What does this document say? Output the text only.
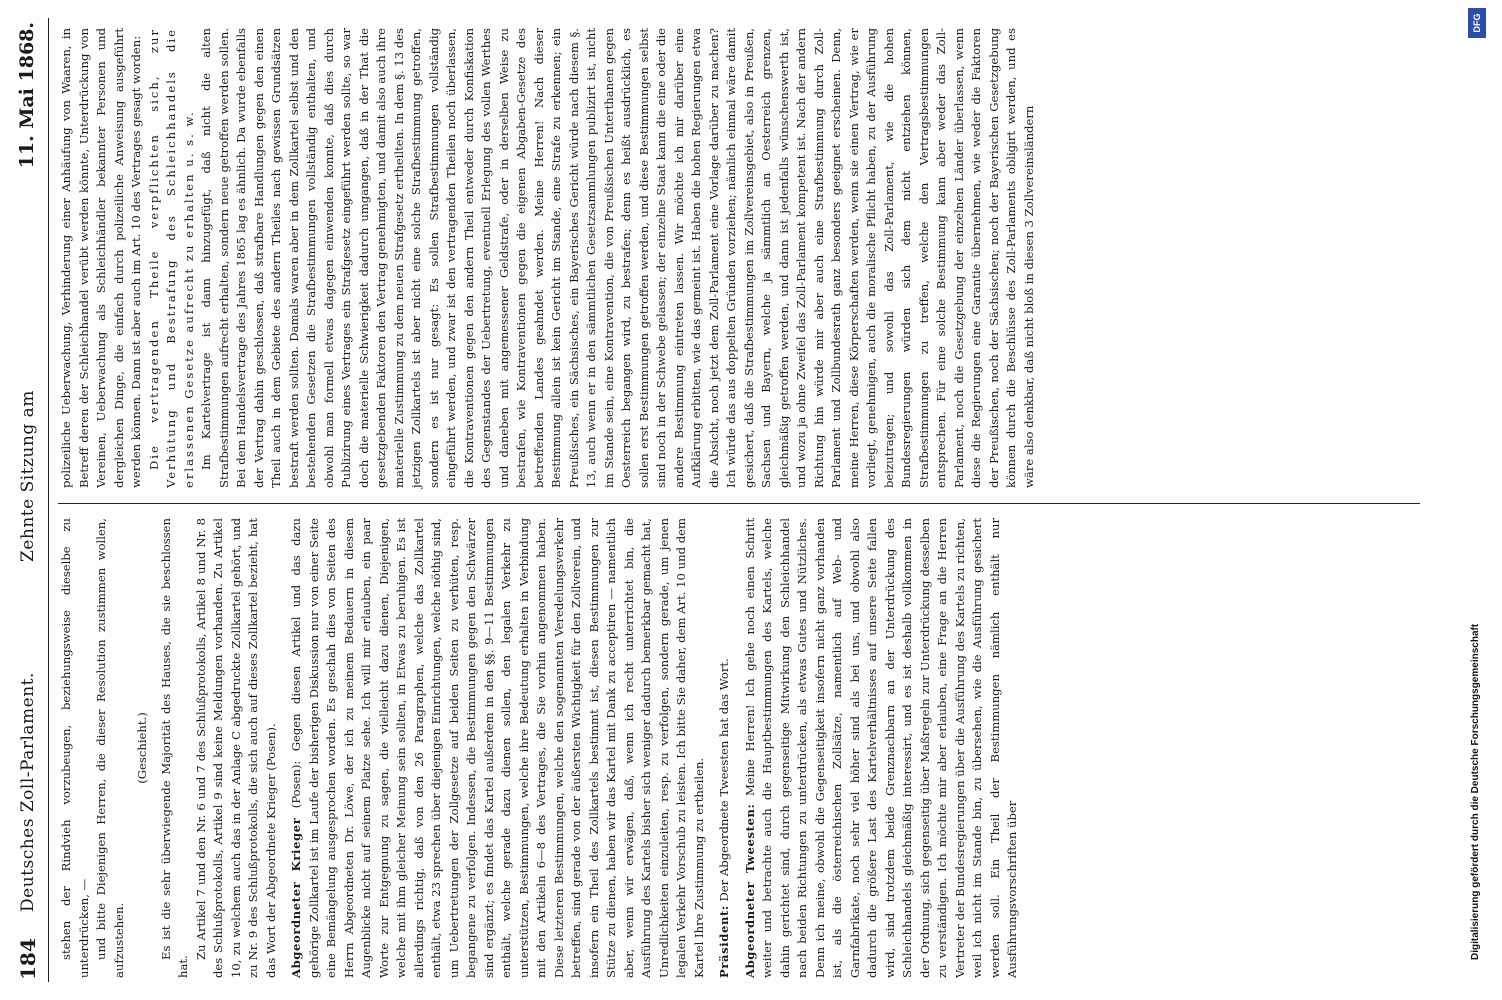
184
Deutsches Zoll-Parlament.
Zehnte Sitzung am
11. Mai 1868.

stehen der Rindvieh vorzubeugen, beziehungsweise dieselbe zu unterdrücken, — und bitte Diejenigen Herren, die dieser Resolution zustimmen wollen, aufzustehen.

(Geschieht.) Es ist die sehr überwiegende Majorität des Hauses, die sie beschlossen hat.

Zu Artikel 7 und den Nr. 6 und 7 des Schlußprotokolls, Artikel 8 und Nr. 8 des Schlußprotokolls, Artikel 9 sind keine Meldungen vorhanden. Zu Artikel 10, zu welchem auch das in der Anlage C abgedruckte Zollkartel gehört, und zu Nr. 9 des Schlußprotokolls, die sich auch auf dieses Zollkartel bezieht, hat das Wort der Abgeordnete Krieger (Posen). Abgeordneter Krieger (Posen): Gegen diesen Artikel und das dazu gehörige Zollkartel ist im Laufe der bisherigen Diskussion nur von einer Seite eine Bemängelung ausgesprochen worden. Es geschah dies von Seiten des Herrn Abgeordneten Dr. Löwe, der ich zu meinem Bedauern in diesem Augenblicke nicht auf seinem Platze sehe. Ich will mir erlauben, ein paar Worte zur Entgegnung zu sagen, die vielleicht dazu dienen, Diejenigen, welche mit ihm gleicher Meinung sein sollten, in Etwas zu beruhigen. Es ist allerdings richtig, daß von den 26 Paragraphen, welche das Zollkartel enthält, etwa 23 sprechen über diejenigen Einrichtungen, welche nöthig sind, um Uebertretungen der Zollgesetze auf beiden Seiten zu verhüten, resp. begangene zu verfolgen. Indessen, die Bestimmungen gegen den Schwärzer sind ergänzt; es findet das Kartel außerdem in den §§. 9—11 Bestimmungen enthält, welche gerade dazu dienen sollen, den legalen Verkehr zu unterstützen, Bestimmungen, welche ihre Bedeutung erhalten in Verbindung mit den Artikeln 6—8 des Vertrages, die Sie vorhin angenommen haben. Diese letzteren Bestimmungen, welche den sogenannten Veredelungsverkehr betreffen, sind gerade von der äußersten Wichtigkeit für den Zollverein, und insofern ein Theil des Zollkartels bestimmt ist, diesen Bestimmungen zur Stütze zu dienen, haben wir das Kartel mit Dank zu acceptiren — namentlich aber, wenn wir erwägen, daß, wenn ich recht unterrichtet bin, die Ausführung des Kartels bisher sich weniger dadurch bemerkbar gemacht hat, Unredlichkeiten einzuleiten, resp. zu verfolgen, sondern gerade, um jenen legalen Verkehr Vorschub zu leisten. Ich bitte Sie daher, dem Art. 10 und dem Kartel Ihre Zustimmung zu ertheilen. Präsident: Der Abgeordnete Tweesten hat das Wort. Abgeordneter Tweesten: Meine Herren! Ich gehe noch einen Schritt weiter und betrachte auch die Hauptbestimmungen des Kartels, welche dahin gerichtet sind, durch gegenseitige Mitwirkung den Schleichhandel nach beiden Richtungen zu unterdrücken, als etwas Gutes und Nützliches. Denn ich meine, obwohl die Gegenseitigkeit insofern nicht ganz vorhanden ist, als die österreichischen Zollsätze, namentlich auf Web- und Garnfabrikate, noch sehr viel höher sind als bei uns, und obwohl also dadurch die größere Last des Kartelverhältnisses auf unsere Seite fallen wird, sind trotzdem beide Grenznachbarn an der Unterdrückung des Schleichhandels gleichmäßig interessirt, und es ist deshalb vollkommen in der Ordnung, sich gegenseitig über Maßregeln zur Unterdrückung desselben zu verständigen. Ich möchte mir aber erlauben, eine Frage an die Herren Vertreter der Bundesregierungen über die Ausführung des Kartels zu richten, weil ich nicht im Stande bin, zu übersehen, wie die Ausführung gesichert werden soll. Ein Theil der Bestimmungen nämlich enthält nur Ausführungsvorschriften über

polizeiliche Ueberwachung, Verhinderung einer Anhäufung von Waaren, in Betreff deren der Schleichhandel verübt werden könnte, Unterdrückung von Vereinen, Ueberwachung als Schleichhändler bekannter Personen und dergleichen Dinge, die einfach durch polizeiliche Anweisung ausgeführt werden können. Dann ist aber auch im Art. 10 des Vertrages gesagt worden: Die vertragenden Theile verpflichten sich, zur Verhütung und Bestrafung des Schleichhandels die erlassenen Gesetze aufrecht zu erhalten u. s. w. Im Kartelvertrage ist dann hinzugefügt, daß nicht die alten Strafbestimmungen aufrecht erhalten, sondern neue getroffen werden sollen. Bei dem Handelsvertrage des Jahres 1865 lag es ähnlich. Da wurde ebenfalls der Vertrag dahin geschlossen, daß strafbare Handlungen gegen den einen Theil auch in dem Gebiete des andern Theiles nach gewissen Grundsätzen bestraft werden sollten. Damals waren aber in dem Zollkartel selbst und den bestehenden Gesetzen die Strafbestimmungen vollständig enthalten, und obwohl man formell etwas dagegen einwenden konnte, daß dies durch Publizirung eines Vertrages ein Strafgesetz eingeführt werden sollte, so war doch die materielle Schwierigkeit dadurch umgangen, daß in der That die gesetzgebenden Faktoren den Vertrag genehmigten, und damit also auch ihre materielle Zustimmung zu dem neuen Strafgesetz ertheilten. In dem §. 13 des jetzigen Zollkartels ist aber nicht eine solche Strafbestimmung getroffen, sondern es ist nur gesagt: Es sollen Strafbestimmungen vollständig eingeführt werden, und zwar ist den vertragenden Theilen noch überlassen, die Kontraventionen gegen den andern Theil entweder durch Konfiskation des Gegenstandes der Uebertretung, eventuell Erlegung des vollen Werthes und daneben mit angemessener Geldstrafe, oder in derselben Weise zu bestrafen, wie Kontraventionen gegen die eigenen Abgaben-Gesetze des betreffenden Landes geahndet werden. Meine Herren! Nach dieser Bestimmung allein ist kein Gericht im Stande, eine Strafe zu erkennen; ein Preußisches, ein Sächsisches, ein Bayerisches Gericht würde nach diesem §. 13, auch wenn er in den sämmtlichen Gesetzsammlungen publizirt ist, nicht im Stande sein, eine Kontravention, die von Preußischen Unterthanen gegen Oesterreich begangen wird, zu bestrafen; denn es heißt ausdrücklich, es sollen erst Bestimmungen getroffen werden, und diese Bestimmungen selbst sind noch in der Schwebe gelassen; der einzelne Staat kann die eine oder die andere Bestimmung eintreten lassen. Wir möchte ich mir darüber eine Aufklärung erbitten, wie das gemeint ist. Haben die hohen Regierungen etwa die Absicht, noch jetzt dem Zoll-Parlament eine Vorlage darüber zu machen? Ich würde das aus doppelten Gründen vorziehen; nämlich einmal wäre damit gesichert, daß die Strafbestimmungen im Zollvereinsgebiet, also in Preußen, Sachsen und Bayern, welche ja sämmtlich an Oesterreich grenzen, gleichmäßig getroffen werden, und dann ist jedenfalls wünschenswerth ist, und wozu ja ohne Zweifel das Zoll-Parlament kompetent ist. Nach der andern Richtung hin würde mir aber auch eine Strafbestimmung durch Zoll-Parlament und Zollbundesrath ganz besonders geeignet erscheinen. Denn, meine Herren, diese Körperschaften werden, wenn sie einen Vertrag, wie er vorliegt, genehmigen, auch die moralische Pflicht haben, zu der Ausführung beizutragen; und sowohl das Zoll-Parlament, wie die hohen Bundesregierungen würden sich dem nicht entziehen können, Strafbestimmungen zu treffen, welche den Vertragsbestimmungen entsprechen. Für eine solche Bestimmung kann aber weder das Zoll-Parlament, noch die Gesetzgebung der einzelnen Länder überlassen, wenn diese die Regierungen eine Garantie übernehmen, wie weder die Faktoren der Preußischen, noch der Sächsischen; noch der Bayerischen Gesetzgebung können durch die Beschlüsse des Zoll-Parlaments obligirt werden, und es wäre also denkbar, daß nicht bloß in diesen 3 Zollvereinsländern

Digitalisierung gefördert durch die Deutsche Forschungsgemeinschaft
DFG
